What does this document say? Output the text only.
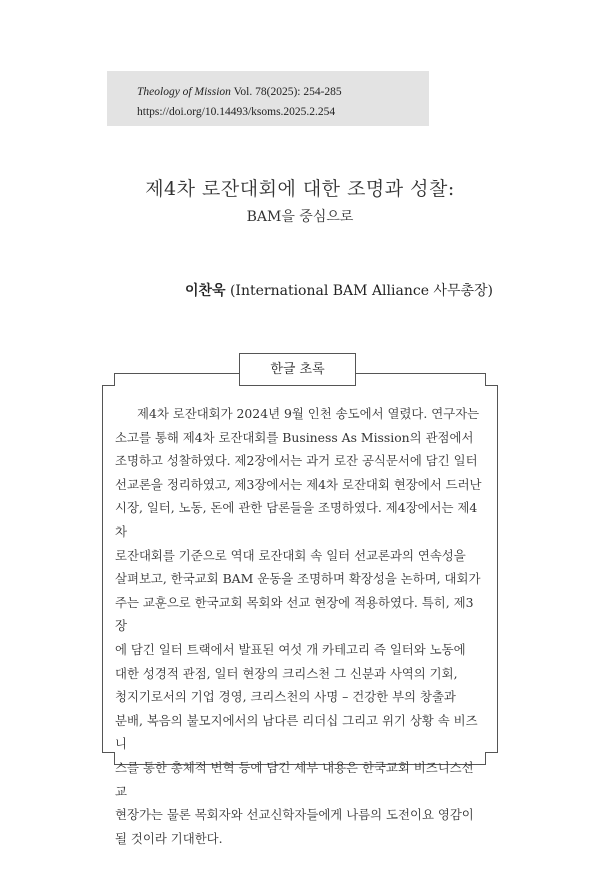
Theology of Mission Vol. 78(2025): 254-285
https://doi.org/10.14493/ksoms.2025.2.254
제4차 로잔대회에 대한 조명과 성찰:
BAM을 중심으로
이찬욱 (International BAM Alliance 사무총장)
한글 초록

제4차 로잔대회가 2024년 9월 인천 송도에서 열렸다. 연구자는

소고를 통해 제4차 로잔대회를 Business As Mission의 관점에서

조명하고 성찰하였다. 제2장에서는 과거 로잔 공식문서에 담긴 일터

선교론을 정리하였고, 제3장에서는 제4차 로잔대회 현장에서 드러난

시장, 일터, 노동, 돈에 관한 담론들을 조명하였다. 제4장에서는 제4차

로잔대회를 기준으로 역대 로잔대회 속 일터 선교론과의 연속성을

살펴보고, 한국교회 BAM 운동을 조명하며 확장성을 논하며, 대회가

주는 교훈으로 한국교회 목회와 선교 현장에 적용하였다. 특히, 제3장

에 담긴 일터 트랙에서 발표된 여섯 개 카테고리 즉 일터와 노동에

대한 성경적 관점, 일터 현장의 크리스천 그 신분과 사역의 기회,

청지기로서의 기업 경영, 크리스천의 사명 – 건강한 부의 창출과

분배, 복음의 불모지에서의 남다른 리더십 그리고 위기 상황 속 비즈니

스를 통한 총체적 변혁 등에 담긴 세부 내용은 한국교회 비즈니스선교

현장가는 물론 목회자와 선교신학자들에게 나름의 도전이요 영감이

될 것이라 기대한다.
